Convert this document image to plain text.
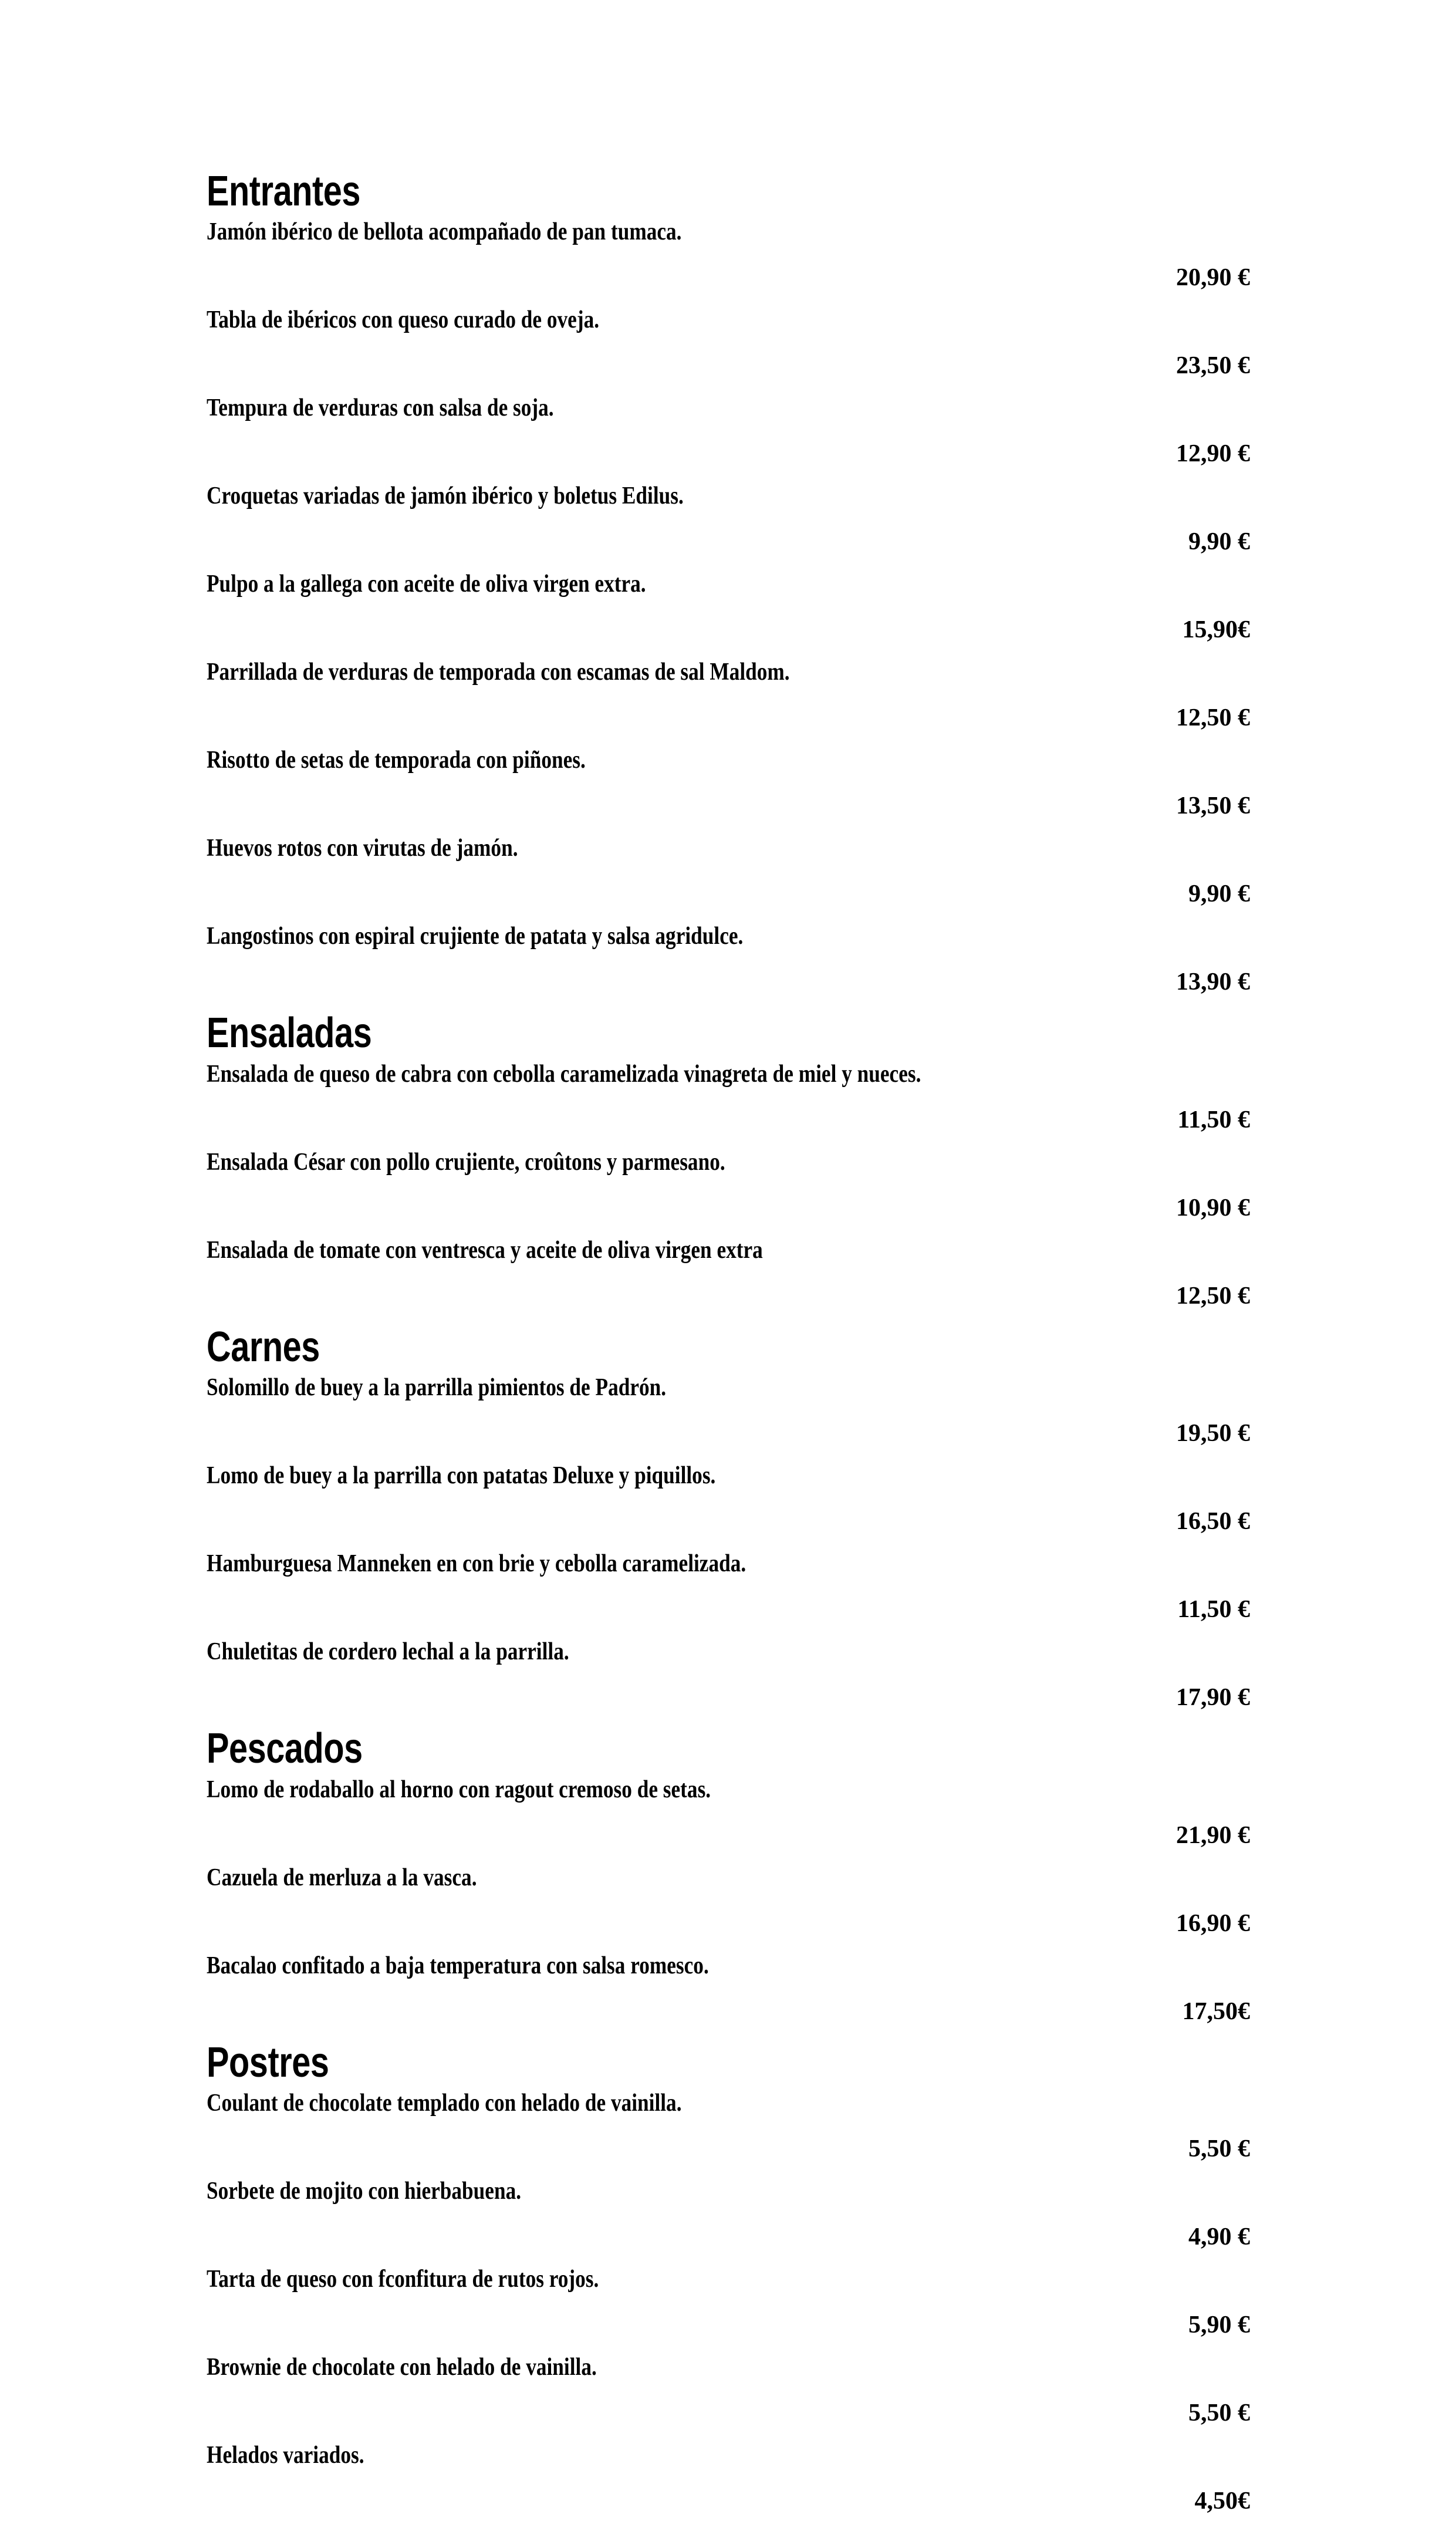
Entrantes
Jamón ibérico de bellota acompañado de pan tumaca.
20,90 €
Tabla de ibéricos con queso curado de oveja.
23,50 €
Tempura de verduras con salsa de soja.
12,90 €
Croquetas variadas de jamón ibérico y boletus Edilus.
9,90 €
Pulpo a la gallega con aceite de oliva virgen extra.
15,90€
Parrillada de verduras de temporada con escamas de sal Maldom.
12,50 €
Risotto de setas de temporada con piñones.
13,50 €
Huevos rotos con virutas de jamón.
9,90 €
Langostinos con espiral crujiente de patata y salsa agridulce.
13,90 €
Ensaladas
Ensalada de queso de cabra con cebolla caramelizada vinagreta de miel y nueces.
11,50 €
Ensalada César con pollo crujiente, croûtons y parmesano.
10,90 €
Ensalada de tomate con ventresca y aceite de oliva virgen extra
12,50 €
Carnes
Solomillo de buey a la parrilla pimientos de Padrón.
19,50 €
Lomo de buey a la parrilla con patatas Deluxe y piquillos.
16,50 €
Hamburguesa Manneken en con brie y cebolla caramelizada.
11,50 €
Chuletitas de cordero lechal a la parrilla.
17,90 €
Pescados
Lomo de rodaballo al horno con ragout cremoso de setas.
21,90 €
Cazuela de merluza a la vasca.
16,90 €
Bacalao confitado a baja temperatura con salsa romesco.
17,50€
Postres
Coulant de chocolate templado con helado de vainilla.
5,50 €
Sorbete de mojito con hierbabuena.
4,90 €
Tarta de queso con fconfitura de rutos rojos.
5,90 €
Brownie de chocolate con helado de vainilla.
5,50 €
Helados variados.
4,50€
